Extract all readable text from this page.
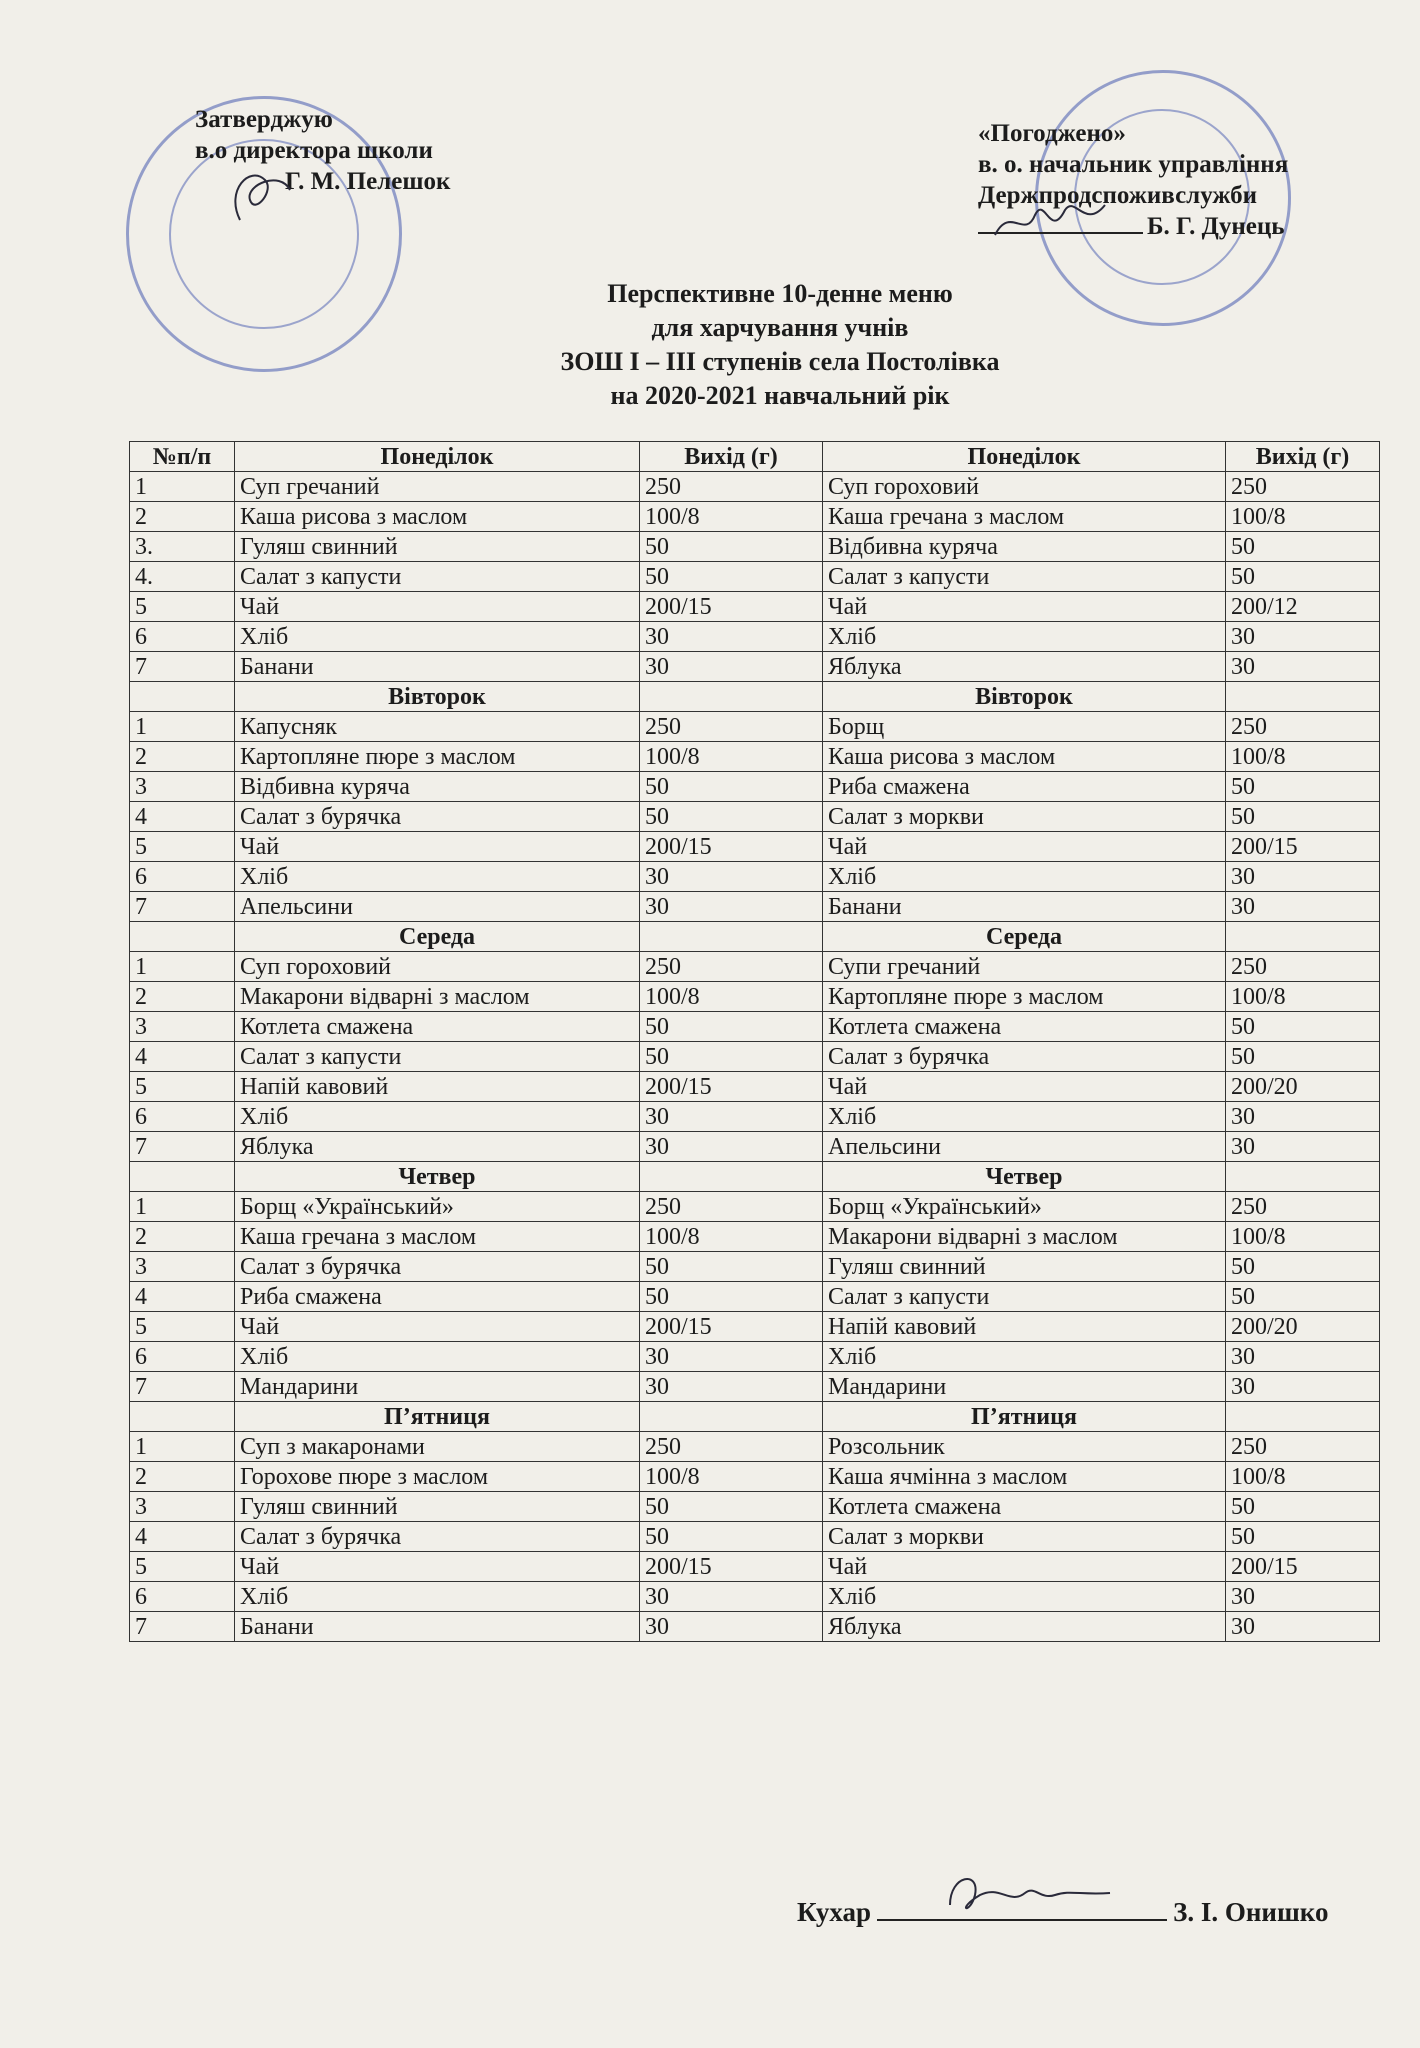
Затверджую
в.о директора школи
Г. М. Пелешок
«Погоджено»
в. о. начальник управління
Держпродспоживслужби
Б. Г. Дунець
Перспективне 10-денне меню
для харчування учнів
ЗОШ I – III ступенів села Постолівка
на 2020-2021 навчальний рік
№п/п	Понеділок	Вихід (г)	Понеділок	Вихід (г)
1	Суп гречаний	250	Суп гороховий	250
2	Каша рисова з маслом	100/8	Каша гречана з маслом	100/8
3.	Гуляш свинний	50	Відбивна куряча	50
4.	Салат з капусти	50	Салат з капусти	50
5	Чай	200/15	Чай	200/12
6	Хліб	30	Хліб	30
7	Банани	30	Яблука	30
	Вівторок		Вівторок	
1	Капусняк	250	Борщ	250
2	Картопляне пюре з маслом	100/8	Каша рисова з маслом	100/8
3	Відбивна куряча	50	Риба смажена	50
4	Салат з бурячка	50	Салат з моркви	50
5	Чай	200/15	Чай	200/15
6	Хліб	30	Хліб	30
7	Апельсини	30	Банани	30
	Середа		Середа	
1	Суп гороховий	250	Супи гречаний	250
2	Макарони відварні з маслом	100/8	Картопляне пюре з маслом	100/8
3	Котлета смажена	50	Котлета смажена	50
4	Салат з капусти	50	Салат з бурячка	50
5	Напій кавовий	200/15	Чай	200/20
6	Хліб	30	Хліб	30
7	Яблука	30	Апельсини	30
	Четвер		Четвер	
1	Борщ «Український»	250	Борщ «Український»	250
2	Каша гречана з маслом	100/8	Макарони відварні з маслом	100/8
3	Салат з бурячка	50	Гуляш свинний	50
4	Риба смажена	50	Салат з капусти	50
5	Чай	200/15	Напій кавовий	200/20
6	Хліб	30	Хліб	30
7	Мандарини	30	Мандарини	30
	П’ятниця		П’ятниця	
1	Суп з макаронами	250	Розсольник	250
2	Горохове пюре з маслом	100/8	Каша ячмінна з маслом	100/8
3	Гуляш свинний	50	Котлета смажена	50
4	Салат з бурячка	50	Салат з моркви	50
5	Чай	200/15	Чай	200/15
6	Хліб	30	Хліб	30
7	Банани	30	Яблука	30
Кухар	З. І. Онишко
